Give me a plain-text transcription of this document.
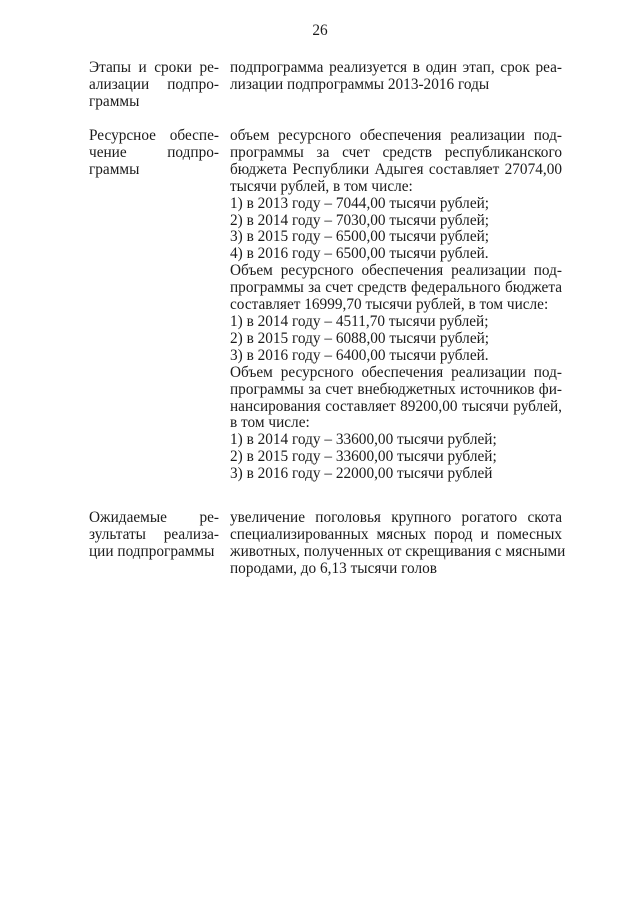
26
Этапы и сроки ре-
ализации подпро-
граммы
подпрограмма реализуется в один этап, срок реа-
лизации подпрограммы 2013-2016 годы
Ресурсное обеспе-
чение подпро-
граммы
объем ресурсного обеспечения реализации под-
программы за счет средств республиканского
бюджета Республики Адыгея составляет 27074,00
тысячи рублей, в том числе:
1) в 2013 году – 7044,00 тысячи рублей;
2) в 2014 году – 7030,00 тысячи рублей;
3) в 2015 году – 6500,00 тысячи рублей;
4) в 2016 году – 6500,00 тысячи рублей.
Объем ресурсного обеспечения реализации под-
программы за счет средств федерального бюджета
составляет 16999,70 тысячи рублей, в том числе:
1) в 2014 году – 4511,70 тысячи рублей;
2) в 2015 году – 6088,00 тысячи рублей;
3) в 2016 году – 6400,00 тысячи рублей.
Объем ресурсного обеспечения реализации под-
программы за счет внебюджетных источников фи-
нансирования составляет 89200,00 тысячи рублей,
в том числе:
1) в 2014 году – 33600,00 тысячи рублей;
2) в 2015 году – 33600,00 тысячи рублей;
3) в 2016 году – 22000,00 тысячи рублей
Ожидаемые ре-
зультаты реализа-
ции подпрограммы
увеличение поголовья крупного рогатого скота
специализированных мясных пород и помесных
животных, полученных от скрещивания с мясными
породами, до 6,13 тысячи голов
